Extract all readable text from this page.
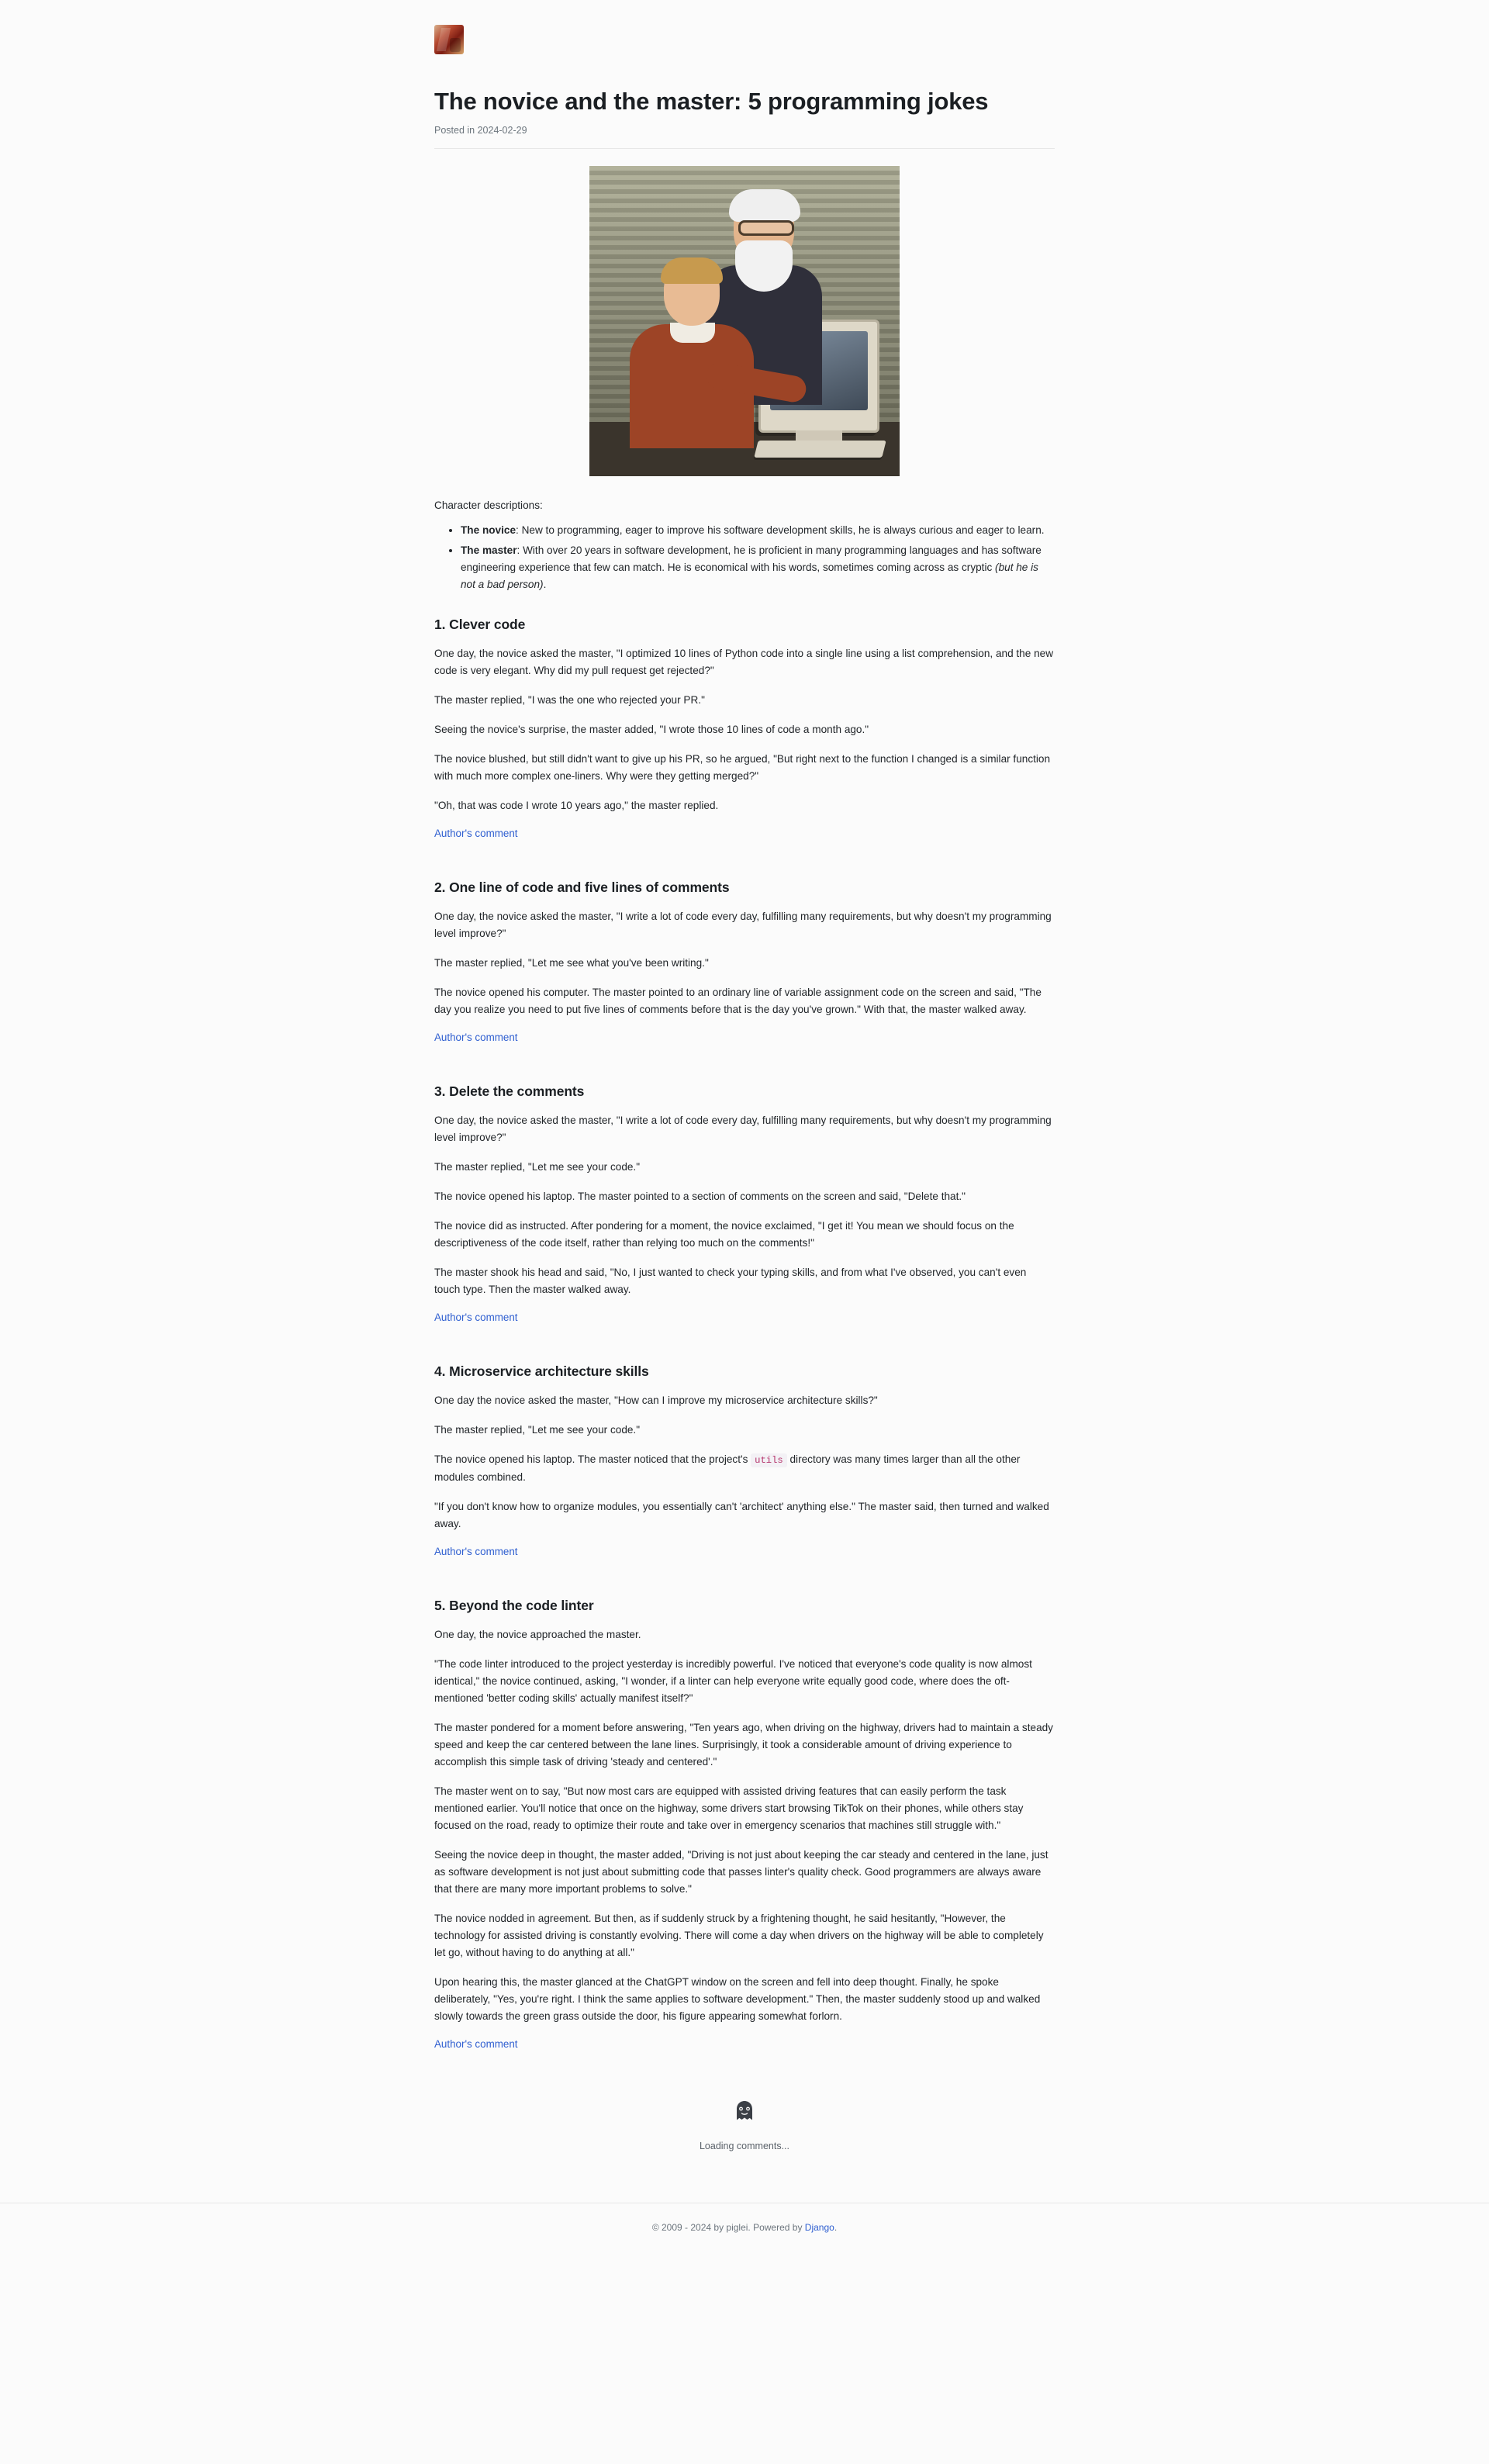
The novice and the master: 5 programming jokes
Posted in 2024-02-29

Character descriptions:

• The novice: New to programming, eager to improve his software development skills, he is always curious and eager to learn.
• The master: With over 20 years in software development, he is proficient in many programming languages and has software engineering experience that few can match. He is economical with his words, sometimes coming across as cryptic (but he is not a bad person).
1. Clever code

One day, the novice asked the master, "I optimized 10 lines of Python code into a single line using a list comprehension, and the new code is very elegant. Why did my pull request get rejected?"

The master replied, "I was the one who rejected your PR."

Seeing the novice's surprise, the master added, "I wrote those 10 lines of code a month ago."

The novice blushed, but still didn't want to give up his PR, so he argued, "But right next to the function I changed is a similar function with much more complex one-liners. Why were they getting merged?"

"Oh, that was code I wrote 10 years ago," the master replied.

Author's comment
2. One line of code and five lines of comments

One day, the novice asked the master, "I write a lot of code every day, fulfilling many requirements, but why doesn't my programming level improve?"

The master replied, "Let me see what you've been writing."

The novice opened his computer. The master pointed to an ordinary line of variable assignment code on the screen and said, "The day you realize you need to put five lines of comments before that is the day you've grown." With that, the master walked away.

Author's comment
3. Delete the comments

One day, the novice asked the master, "I write a lot of code every day, fulfilling many requirements, but why doesn't my programming level improve?"

The master replied, "Let me see your code."

The novice opened his laptop. The master pointed to a section of comments on the screen and said, "Delete that."

The novice did as instructed. After pondering for a moment, the novice exclaimed, "I get it! You mean we should focus on the descriptiveness of the code itself, rather than relying too much on the comments!"

The master shook his head and said, "No, I just wanted to check your typing skills, and from what I've observed, you can't even touch type. Then the master walked away.

Author's comment
4. Microservice architecture skills

One day the novice asked the master, "How can I improve my microservice architecture skills?"

The master replied, "Let me see your code."

The novice opened his laptop. The master noticed that the project's utils directory was many times larger than all the other modules combined.

"If you don't know how to organize modules, you essentially can't 'architect' anything else." The master said, then turned and walked away.

Author's comment
5. Beyond the code linter

One day, the novice approached the master.

"The code linter introduced to the project yesterday is incredibly powerful. I've noticed that everyone's code quality is now almost identical," the novice continued, asking, "I wonder, if a linter can help everyone write equally good code, where does the oft-mentioned 'better coding skills' actually manifest itself?"

The master pondered for a moment before answering, "Ten years ago, when driving on the highway, drivers had to maintain a steady speed and keep the car centered between the lane lines. Surprisingly, it took a considerable amount of driving experience to accomplish this simple task of driving 'steady and centered'."

The master went on to say, "But now most cars are equipped with assisted driving features that can easily perform the task mentioned earlier. You'll notice that once on the highway, some drivers start browsing TikTok on their phones, while others stay focused on the road, ready to optimize their route and take over in emergency scenarios that machines still struggle with."

Seeing the novice deep in thought, the master added, "Driving is not just about keeping the car steady and centered in the lane, just as software development is not just about submitting code that passes linter's quality check. Good programmers are always aware that there are many more important problems to solve."

The novice nodded in agreement. But then, as if suddenly struck by a frightening thought, he said hesitantly, "However, the technology for assisted driving is constantly evolving. There will come a day when drivers on the highway will be able to completely let go, without having to do anything at all."

Upon hearing this, the master glanced at the ChatGPT window on the screen and fell into deep thought. Finally, he spoke deliberately, "Yes, you're right. I think the same applies to software development." Then, the master suddenly stood up and walked slowly towards the green grass outside the door, his figure appearing somewhat forlorn.

Author's comment
Loading comments...
© 2009 - 2024 by piglei. Powered by Django.
